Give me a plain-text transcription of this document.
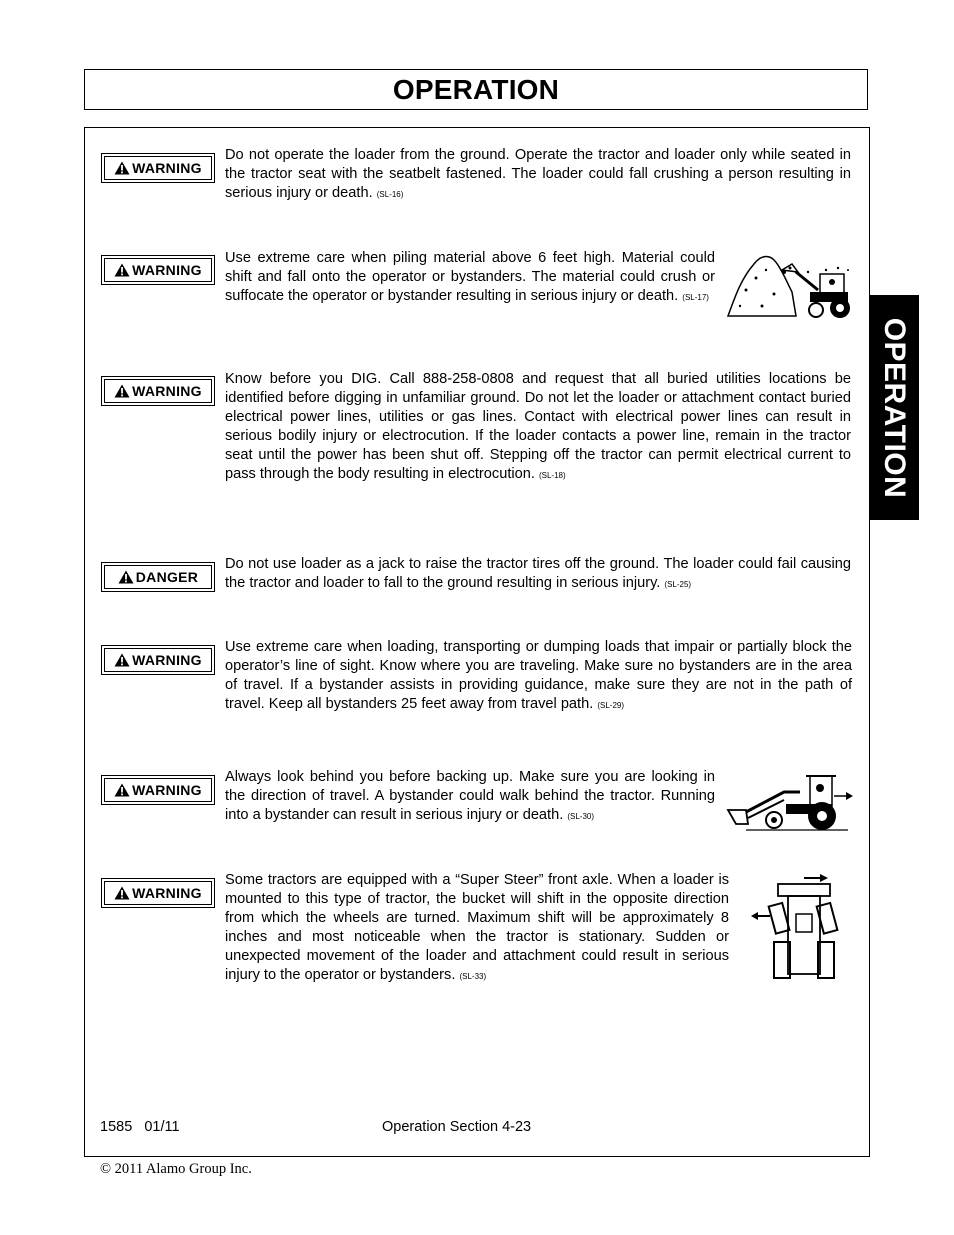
OPERATION
OPERATION
WARNING
Do not operate the loader from the ground. Operate the tractor and loader only while seated in the tractor seat with the seatbelt fastened. The loader could fall crushing a person resulting in serious injury or death. (SL-16)
WARNING
Use extreme care when piling material above 6 feet high. Material could shift and fall onto the operator or bystanders. The material could crush or suffocate the operator or bystander resulting in serious injury or death. (SL-17)
WARNING
Know before you DIG. Call 888-258-0808 and request that all buried utilities locations be identified before digging in unfamiliar ground. Do not let the loader or attachment contact buried electrical power lines, utilities or gas lines. Contact with electrical power lines can result in serious bodily injury or electrocution. If the loader contacts a power line, remain in the tractor seat until the power has been shut off. Stepping off the tractor can permit electrical current to pass through the body resulting in electrocution. (SL-18)
DANGER
Do not use loader as a jack to raise the tractor tires off the ground. The loader could fail causing the tractor and loader to fall to the ground resulting in serious injury. (SL-25)
WARNING
Use extreme care when loading, transporting or dumping loads that impair or partially block the operator’s line of sight. Know where you are traveling. Make sure no bystanders are in the area of travel. If a bystander assists in providing guidance, make sure they are not in the path of travel. Keep all bystanders 25 feet away from travel path. (SL-29)
WARNING
Always look behind you before backing up. Make sure you are looking in the direction of travel. A bystander could walk behind the tractor. Running into a bystander can result in serious injury or death. (SL-30)
WARNING
Some tractors are equipped with a “Super Steer” front axle. When a loader is mounted to this type of tractor, the bucket will shift in the opposite direction from which the wheels are turned. Maximum shift will be approximately 8 inches and most noticeable when the tractor is stationary. Sudden or unexpected movement of the loader and attachment could result in serious injury to the operator or bystanders. (SL-33)
1585   01/11	Operation Section 4-23
© 2011 Alamo Group Inc.
